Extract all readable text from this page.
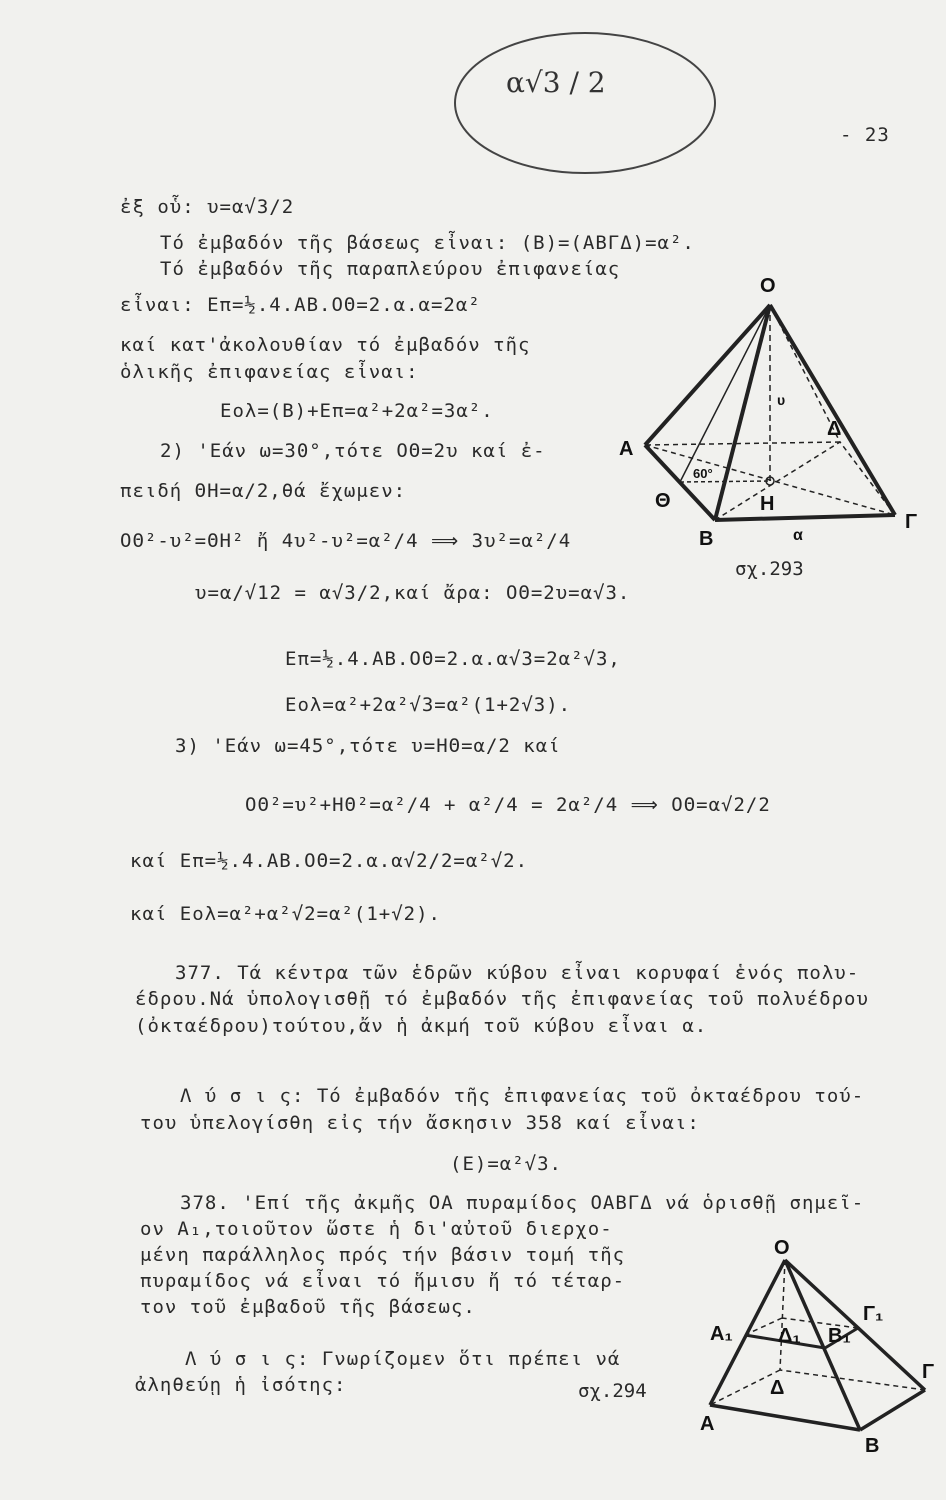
- 23
α√3 / 2
ἐξ οὗ: υ=α√3/2
Τό ἐμβαδόν τῆς βάσεως εἶναι: (Β)=(ΑΒΓΔ)=α².
Τό ἐμβαδόν τῆς παραπλεύρου ἐπιφανείας
εἶναι: Επ=½.4.ΑΒ.ΟΘ=2.α.α=2α²
καί κατ'ἀκολουθίαν τό ἐμβαδόν τῆς
ὁλικῆς ἐπιφανείας εἶναι:
Εολ=(Β)+Επ=α²+2α²=3α².
2) 'Εάν ω=30°,τότε ΟΘ=2υ καί ἐ-
πειδή ΘΗ=α/2,θά ἔχωμεν:
ΟΘ²-υ²=ΘΗ² ἤ 4υ²-υ²=α²/4 ⟹ 3υ²=α²/4
υ=α/√12 = α√3/2,καί ἄρα: ΟΘ=2υ=α√3.
Επ=½.4.ΑΒ.ΟΘ=2.α.α√3=2α²√3,
Εολ=α²+2α²√3=α²(1+2√3).
3) 'Εάν ω=45°,τότε υ=ΗΘ=α/2 καί
ΟΘ²=υ²+ΗΘ²=α²/4 + α²/4 = 2α²/4 ⟹ ΟΘ=α√2/2
καί Επ=½.4.ΑΒ.ΟΘ=2.α.α√2/2=α²√2.
καί Εολ=α²+α²√2=α²(1+√2).
377. Τά κέντρα τῶν ἑδρῶν κύβου εἶναι κορυφαί ἑνός πολυ-
έδρου.Νά ὑπολογισθῇ τό ἐμβαδόν τῆς ἐπιφανείας τοῦ πολυέδρου
(ὀκταέδρου)τούτου,ἄν ἡ ἀκμή τοῦ κύβου εἶναι α.
Λ ύ σ ι ς: Τό ἐμβαδόν τῆς ἐπιφανείας τοῦ ὀκταέδρου τού-
του ὑπελογίσθη εἰς τήν ἄσκησιν 358 καί εἶναι:
(Ε)=α²√3.
378. 'Επί τῆς ἀκμῆς ΟΑ πυραμίδος ΟΑΒΓΔ νά ὁρισθῇ σημεῖ-
ον Α₁,τοιοῦτον ὥστε ἡ δι'αὐτοῦ διερχο-
μένη παράλληλος πρός τήν βάσιν τομή τῆς
πυραμίδος νά εἶναι τό ἥμισυ ἤ τό τέταρ-
τον τοῦ ἐμβαδοῦ τῆς βάσεως.
Λ ύ σ ι ς: Γνωρίζομεν ὅτι πρέπει νά
ἀληθεύῃ ἡ ἰσότης:
O
A
B
Γ
Δ
Θ	H
υ
α
60°
σχ.293
O
A
B
Γ
Δ
A₁	B₁
Γ₁
Δ₁
σχ.294
